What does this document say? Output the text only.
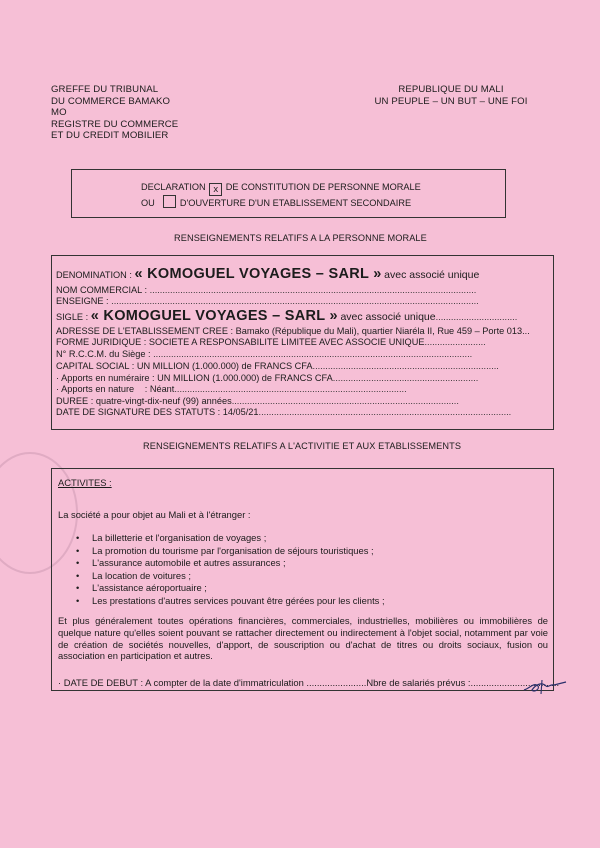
GREFFE DU TRIBUNAL
DU COMMERCE BAMAKO
MO
REGISTRE DU COMMERCE
ET DU CREDIT MOBILIER
REPUBLIQUE DU MALI
UN PEUPLE – UN BUT – UNE FOI
DECLARATION x DE CONSTITUTION DE PERSONNE MORALE
OU	D'OUVERTURE D'UN ETABLISSEMENT SECONDAIRE
RENSEIGNEMENTS RELATIFS A LA PERSONNE MORALE
DENOMINATION : « KOMOGUEL VOYAGES – SARL » avec associé unique
NOM COMMERCIAL : ................................................................................................................................
ENSEIGNE : ................................................................................................................................................
SIGLE : « KOMOGUEL VOYAGES – SARL » avec associé unique................................
ADRESSE DE L'ETABLISSEMENT CREE : Bamako (République du Mali), quartier Niaréla II, Rue 459 – Porte 013...
FORME JURIDIQUE : SOCIETE A RESPONSABILITE LIMITEE AVEC ASSOCIE UNIQUE........................
N° R.C.C.M. du Siège : .............................................................................................................................
CAPITAL SOCIAL : UN MILLION (1.000.000) de FRANCS CFA.........................................................................
· Apports en numéraire : UN MILLION (1.000.000) de FRANCS CFA.........................................................
· Apports en nature : Néant...........................................................................................
DUREE : quatre-vingt-dix-neuf (99) années.........................................................................................
DATE DE SIGNATURE DES STATUTS : 14/05/21...................................................................................................
RENSEIGNEMENTS RELATIFS A L'ACTIVITIE ET AUX ETABLISSEMENTS
ACTIVITES :
La société a pour objet au Mali et à l'étranger :
• La billetterie et l'organisation de voyages ;
• La promotion du tourisme par l'organisation de séjours touristiques ;
• L'assurance automobile et autres assurances ;
• La location de voitures ;
• L'assistance aéroportuaire ;
• Les prestations d'autres services pouvant être gérées pour les clients ;
Et plus généralement toutes opérations financières, commerciales, industrielles, mobilières ou immobilières de quelque nature qu'elles soient pouvant se rattacher directement ou indirectement à l'objet social, notamment par voie de création de sociétés nouvelles, d'apport, de souscription ou d'achat de titres ou droits sociaux, fusion ou association en participation et autres.
· DATE DE DEBUT : A compter de la date d'immatriculation .......................Nbre de salariés prévus :..................................
